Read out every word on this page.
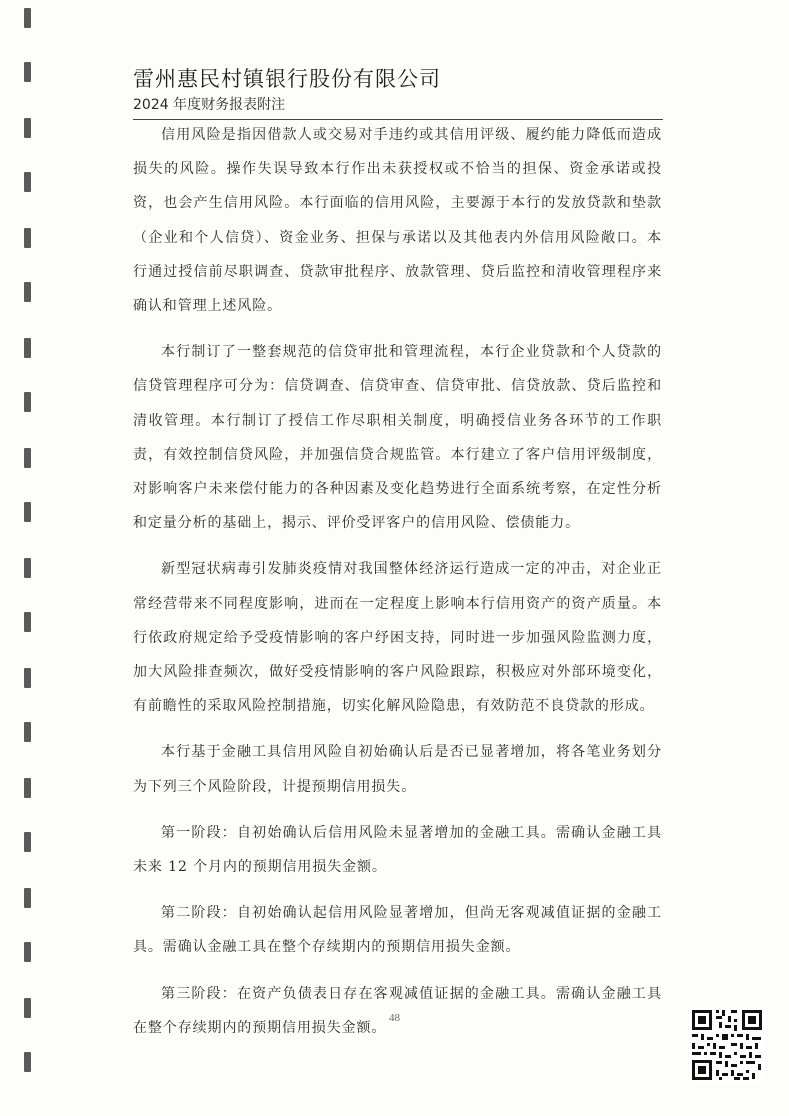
雷州惠民村镇银行股份有限公司
2024 年度财务报表附注

信用风险是指因借款人或交易对手违约或其信用评级、履约能力降低而造成损失的风险。操作失误导致本行作出未获授权或不恰当的担保、资金承诺或投资，也会产生信用风险。本行面临的信用风险，主要源于本行的发放贷款和垫款（企业和个人信贷）、资金业务、担保与承诺以及其他表内外信用风险敞口。本行通过授信前尽职调查、贷款审批程序、放款管理、贷后监控和清收管理程序来确认和管理上述风险。

本行制订了一整套规范的信贷审批和管理流程，本行企业贷款和个人贷款的信贷管理程序可分为：信贷调查、信贷审查、信贷审批、信贷放款、贷后监控和清收管理。本行制订了授信工作尽职相关制度，明确授信业务各环节的工作职责，有效控制信贷风险，并加强信贷合规监管。本行建立了客户信用评级制度，对影响客户未来偿付能力的各种因素及变化趋势进行全面系统考察，在定性分析和定量分析的基础上，揭示、评价受评客户的信用风险、偿债能力。

新型冠状病毒引发肺炎疫情对我国整体经济运行造成一定的冲击，对企业正常经营带来不同程度影响，进而在一定程度上影响本行信用资产的资产质量。本行依政府规定给予受疫情影响的客户纾困支持，同时进一步加强风险监测力度，加大风险排查频次，做好受疫情影响的客户风险跟踪，积极应对外部环境变化，有前瞻性的采取风险控制措施，切实化解风险隐患，有效防范不良贷款的形成。

本行基于金融工具信用风险自初始确认后是否已显著增加，将各笔业务划分为下列三个风险阶段，计提预期信用损失。

第一阶段：自初始确认后信用风险未显著增加的金融工具。需确认金融工具未来 12 个月内的预期信用损失金额。

第二阶段：自初始确认起信用风险显著增加，但尚无客观减值证据的金融工具。需确认金融工具在整个存续期内的预期信用损失金额。

第三阶段：在资产负债表日存在客观减值证据的金融工具。需确认金融工具在整个存续期内的预期信用损失金额。

48
